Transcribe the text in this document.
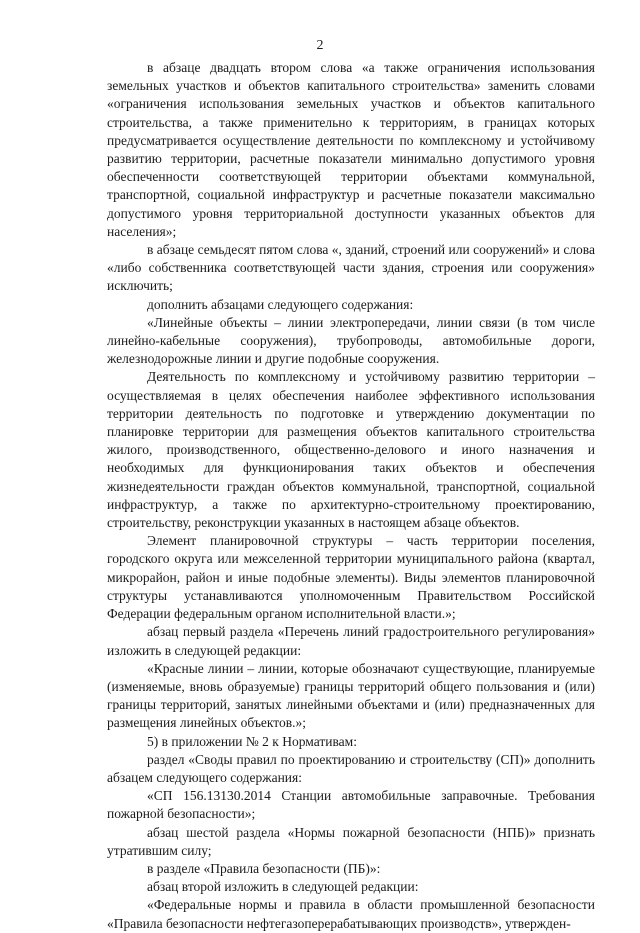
2

в абзаце двадцать втором слова «а также ограничения использования земельных участков и объектов капитального строительства» заменить словами «ограничения использования земельных участков и объектов капитального строительства, а также применительно к территориям, в границах которых предусматривается осуществление деятельности по комплексному и устойчивому развитию территории, расчетные показатели минимально допустимого уровня обеспеченности соответствующей территории объектами коммунальной, транспортной, социальной инфраструктур и расчетные показатели максимально допустимого уровня территориальной доступности указанных объектов для населения»;

в абзаце семьдесят пятом слова «, зданий, строений или сооружений» и слова «либо собственника соответствующей части здания, строения или сооружения» исключить;

дополнить абзацами следующего содержания:

«Линейные объекты – линии электропередачи, линии связи (в том числе линейно-кабельные сооружения), трубопроводы, автомобильные дороги, железнодорожные линии и другие подобные сооружения.

Деятельность по комплексному и устойчивому развитию территории – осуществляемая в целях обеспечения наиболее эффективного использования территории деятельность по подготовке и утверждению документации по планировке территории для размещения объектов капитального строительства жилого, производственного, общественно-делового и иного назначения и необходимых для функционирования таких объектов и обеспечения жизнедеятельности граждан объектов коммунальной, транспортной, социальной инфраструктур, а также по архитектурно-строительному проектированию, строительству, реконструкции указанных в настоящем абзаце объектов.

Элемент планировочной структуры – часть территории поселения, городского округа или межселенной территории муниципального района (квартал, микрорайон, район и иные подобные элементы). Виды элементов планировочной структуры устанавливаются уполномоченным Правительством Российской Федерации федеральным органом исполнительной власти.»;

абзац первый раздела «Перечень линий градостроительного регулирования» изложить в следующей редакции:

«Красные линии – линии, которые обозначают существующие, планируемые (изменяемые, вновь образуемые) границы территорий общего пользования и (или) границы территорий, занятых линейными объектами и (или) предназначенных для размещения линейных объектов.»;

5) в приложении № 2 к Нормативам:

раздел «Своды правил по проектированию и строительству (СП)» дополнить абзацем следующего содержания:

«СП 156.13130.2014 Станции автомобильные заправочные. Требования пожарной безопасности»;

абзац шестой раздела «Нормы пожарной безопасности (НПБ)» признать утратившим силу;

в разделе «Правила безопасности (ПБ)»:

абзац второй изложить в следующей редакции:

«Федеральные нормы и правила в области промышленной безопасности «Правила безопасности нефтегазоперерабатывающих производств», утвержден-
